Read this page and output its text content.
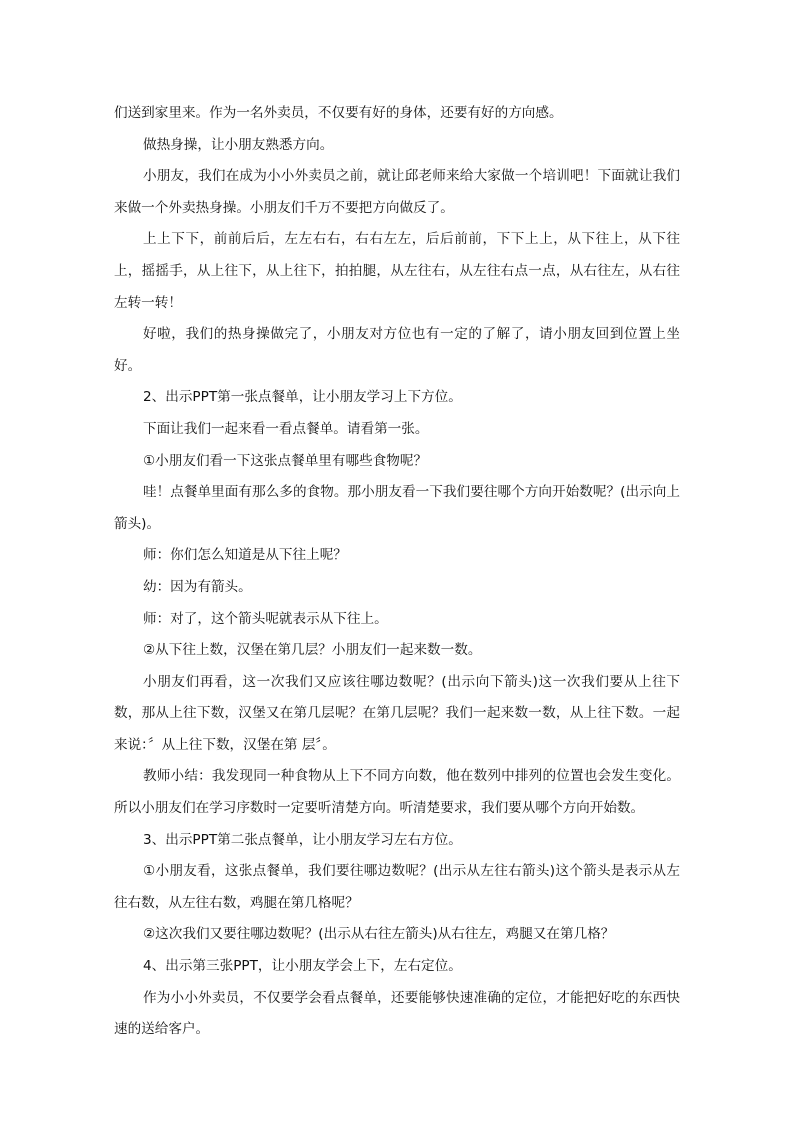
们送到家里来。作为一名外卖员，不仅要有好的身体，还要有好的方向感。

做热身操，让小朋友熟悉方向。

小朋友，我们在成为小小外卖员之前，就让邱老师来给大家做一个培训吧！下面就让我们来做一个外卖热身操。小朋友们千万不要把方向做反了。

上上下下，前前后后，左左右右，右右左左，后后前前，下下上上，从下往上，从下往上，摇摇手，从上往下，从上往下，拍拍腿，从左往右，从左往右点一点，从右往左，从右往左转一转！

好啦，我们的热身操做完了，小朋友对方位也有一定的了解了，请小朋友回到位置上坐好。

2、出示PPT第一张点餐单，让小朋友学习上下方位。

下面让我们一起来看一看点餐单。请看第一张。

①小朋友们看一下这张点餐单里有哪些食物呢？

哇！点餐单里面有那么多的食物。那小朋友看一下我们要往哪个方向开始数呢？(出示向上箭头)。

师：你们怎么知道是从下往上呢？

幼：因为有箭头。

师：对了，这个箭头呢就表示从下往上。

②从下往上数，汉堡在第几层？小朋友们一起来数一数。

小朋友们再看，这一次我们又应该往哪边数呢？(出示向下箭头)这一次我们要从上往下数，那从上往下数，汉堡又在第几层呢？在第几层呢？我们一起来数一数，从上往下数。一起来说：〞从上往下数，汉堡在第 层〞。

教师小结：我发现同一种食物从上下不同方向数，他在数列中排列的位置也会发生变化。所以小朋友们在学习序数时一定要听清楚方向。听清楚要求，我们要从哪个方向开始数。

3、出示PPT第二张点餐单，让小朋友学习左右方位。

①小朋友看，这张点餐单，我们要往哪边数呢？(出示从左往右箭头)这个箭头是表示从左往右数，从左往右数，鸡腿在第几格呢？

②这次我们又要往哪边数呢？(出示从右往左箭头)从右往左，鸡腿又在第几格？

4、出示第三张PPT，让小朋友学会上下，左右定位。

作为小小外卖员，不仅要学会看点餐单，还要能够快速准确的定位，才能把好吃的东西快速的送给客户。
